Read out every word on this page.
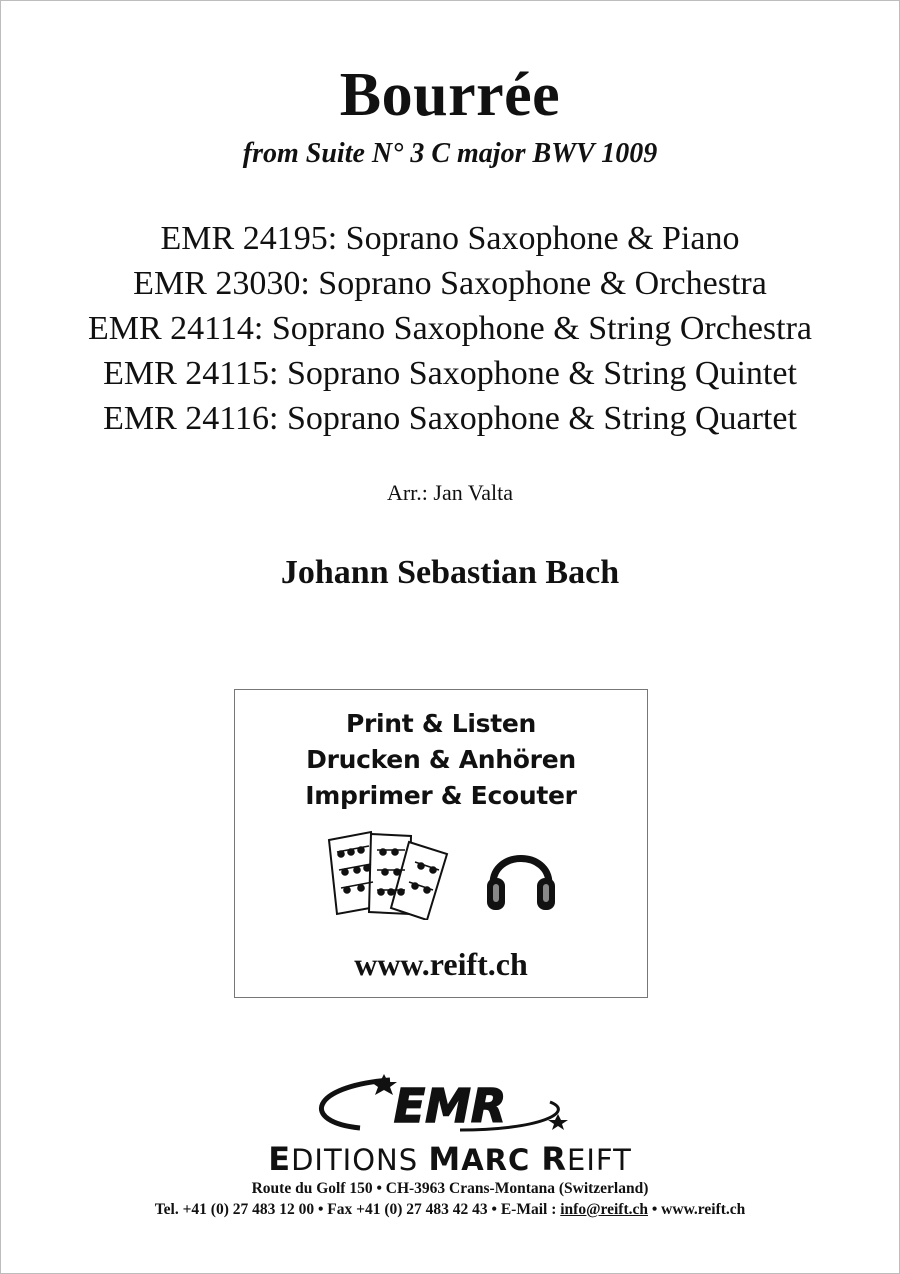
Bourrée
from Suite N° 3 C major BWV 1009
EMR 24195: Soprano Saxophone & Piano
EMR 23030: Soprano Saxophone & Orchestra
EMR 24114: Soprano Saxophone & String Orchestra
EMR 24115: Soprano Saxophone & String Quintet
EMR 24116: Soprano Saxophone & String Quartet
Arr.: Jan Valta
Johann Sebastian Bach
Print & Listen
Drucken & Anhören
Imprimer & Ecouter
www.reift.ch
EMR
EDITIONS MARC REIFT
Route du Golf 150 • CH-3963 Crans-Montana (Switzerland)
Tel. +41 (0) 27 483 12 00 • Fax +41 (0) 27 483 42 43 • E-Mail : info@reift.ch • www.reift.ch
